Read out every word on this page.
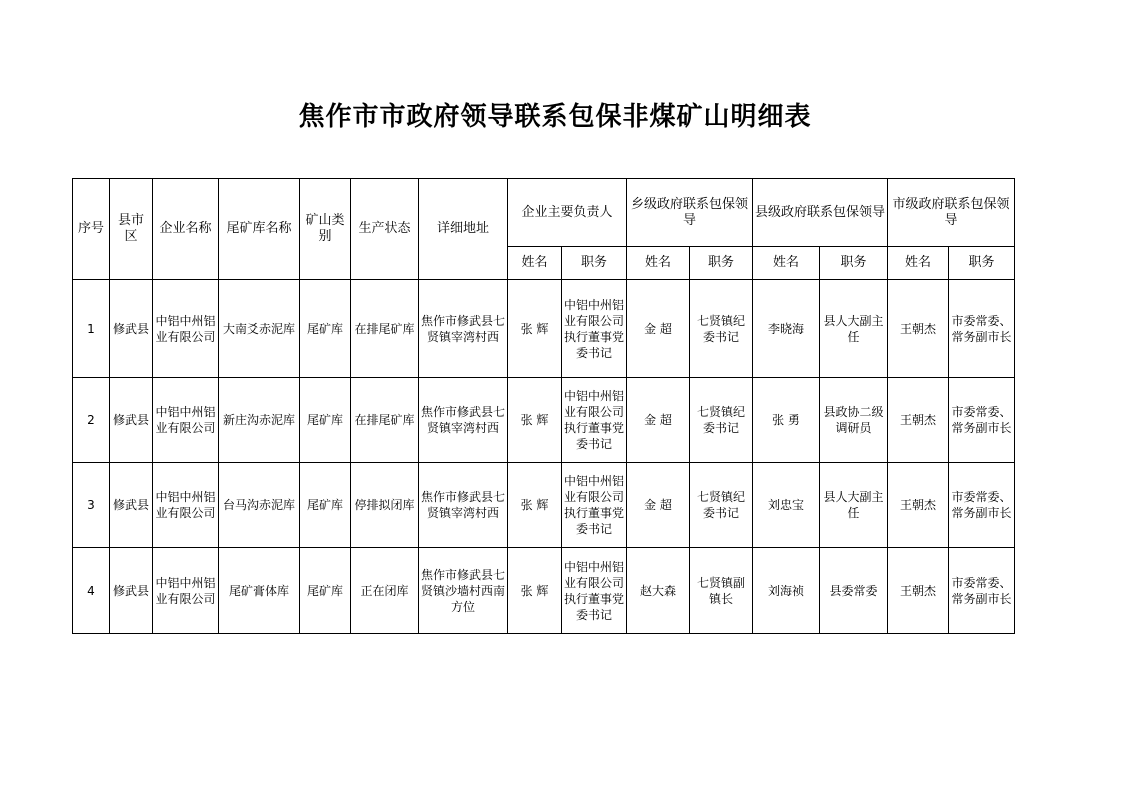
焦作市市政府领导联系包保非煤矿山明细表
序号	县市区	企业名称	尾矿库名称	矿山类别	生产状态	详细地址	企业主要负责人		乡级政府联系包保领导		县级政府联系包保领导		市级政府联系包保领导	
							姓名	职务	姓名	职务	姓名	职务	姓名	职务
1	修武县	中铝中州铝业有限公司	大南爻赤泥库	尾矿库	在排尾矿库	焦作市修武县七贤镇宰湾村西	张 辉	中铝中州铝业有限公司执行董事党委书记	金 超	七贤镇纪委书记	李晓海	县人大副主任	王朝杰	市委常委、常务副市长
2	修武县	中铝中州铝业有限公司	新庄沟赤泥库	尾矿库	在排尾矿库	焦作市修武县七贤镇宰湾村西	张 辉	中铝中州铝业有限公司执行董事党委书记	金 超	七贤镇纪委书记	张 勇	县政协二级调研员	王朝杰	市委常委、常务副市长
3	修武县	中铝中州铝业有限公司	台马沟赤泥库	尾矿库	停排拟闭库	焦作市修武县七贤镇宰湾村西	张 辉	中铝中州铝业有限公司执行董事党委书记	金 超	七贤镇纪委书记	刘忠宝	县人大副主任	王朝杰	市委常委、常务副市长
4	修武县	中铝中州铝业有限公司	尾矿膏体库	尾矿库	正在闭库	焦作市修武县七贤镇沙墙村西南方位	张 辉	中铝中州铝业有限公司执行董事党委书记	赵大森	七贤镇副镇长	刘海祯	县委常委	王朝杰	市委常委、常务副市长
